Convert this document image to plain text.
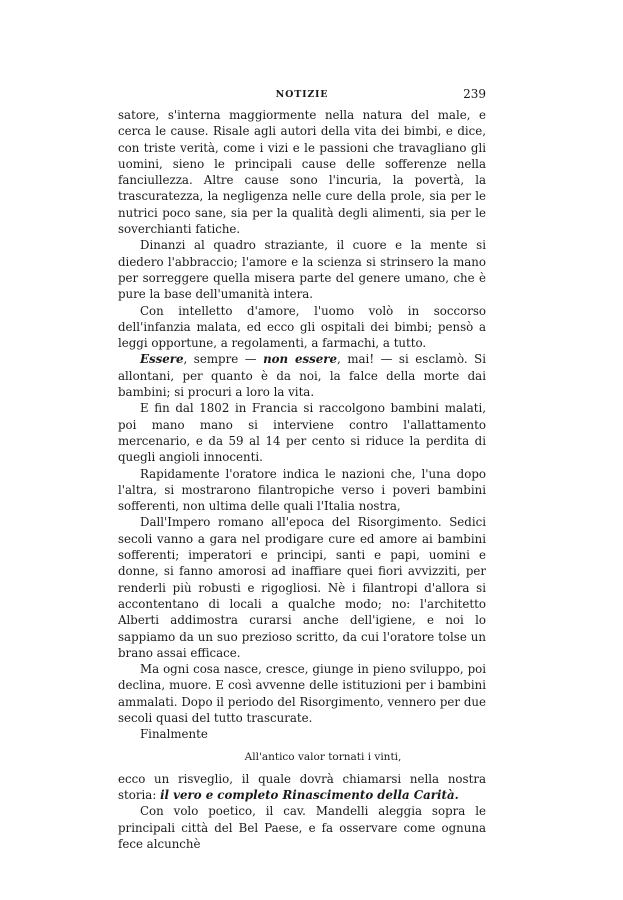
NOTIZIE	239

satore, s'interna maggiormente nella natura del male, e cerca le cause. Risale agli autori della vita dei bimbi, e dice, con triste verità, come i vizi e le passioni che travagliano gli uomini, sieno le principali cause delle sofferenze nella fanciullezza. Altre cause sono l'incuria, la povertà, la trascuratezza, la negligenza nelle cure della prole, sia per le nutrici poco sane, sia per la qualità degli alimenti, sia per le soverchianti fatiche.

Dinanzi al quadro straziante, il cuore e la mente si diedero l'abbraccio; l'amore e la scienza si strinsero la mano per sorreggere quella misera parte del genere umano, che è pure la base dell'umanità intera.

Con intelletto d'amore, l'uomo volò in soccorso dell'infanzia malata, ed ecco gli ospitali dei bimbi; pensò a leggi opportune, a regolamenti, a farmachi, a tutto.

Essere, sempre — non essere, mai! — si esclamò. Si allontani, per quanto è da noi, la falce della morte dai bambini; si procuri a loro la vita.

E fin dal 1802 in Francia si raccolgono bambini malati, poi mano mano si interviene contro l'allattamento mercenario, e da 59 al 14 per cento si riduce la perdita di quegli angioli innocenti.

Rapidamente l'oratore indica le nazioni che, l'una dopo l'altra, si mostrarono filantropiche verso i poveri bambini sofferenti, non ultima delle quali l'Italia nostra,

Dall'Impero romano all'epoca del Risorgimento. Sedici secoli vanno a gara nel prodigare cure ed amore ai bambini sofferenti; imperatori e principi, santi e papi, uomini e donne, si fanno amorosi ad inaffiare quei fiori avvizziti, per renderli più robusti e rigogliosi. Nè i filantropi d'allora si accontentano di locali a qualche modo; no: l'architetto Alberti addimostra curarsi anche dell'igiene, e noi lo sappiamo da un suo prezioso scritto, da cui l'oratore tolse un brano assai efficace.

Ma ogni cosa nasce, cresce, giunge in pieno sviluppo, poi declina, muore. E così avvenne delle istituzioni per i bambini ammalati. Dopo il periodo del Risorgimento, vennero per due secoli quasi del tutto trascurate.

Finalmente

All'antico valor tornati i vinti,

ecco un risveglio, il quale dovrà chiamarsi nella nostra storia: il vero e completo Rinascimento della Carità.

Con volo poetico, il cav. Mandelli aleggia sopra le principali città del Bel Paese, e fa osservare come ognuna fece alcunchè
